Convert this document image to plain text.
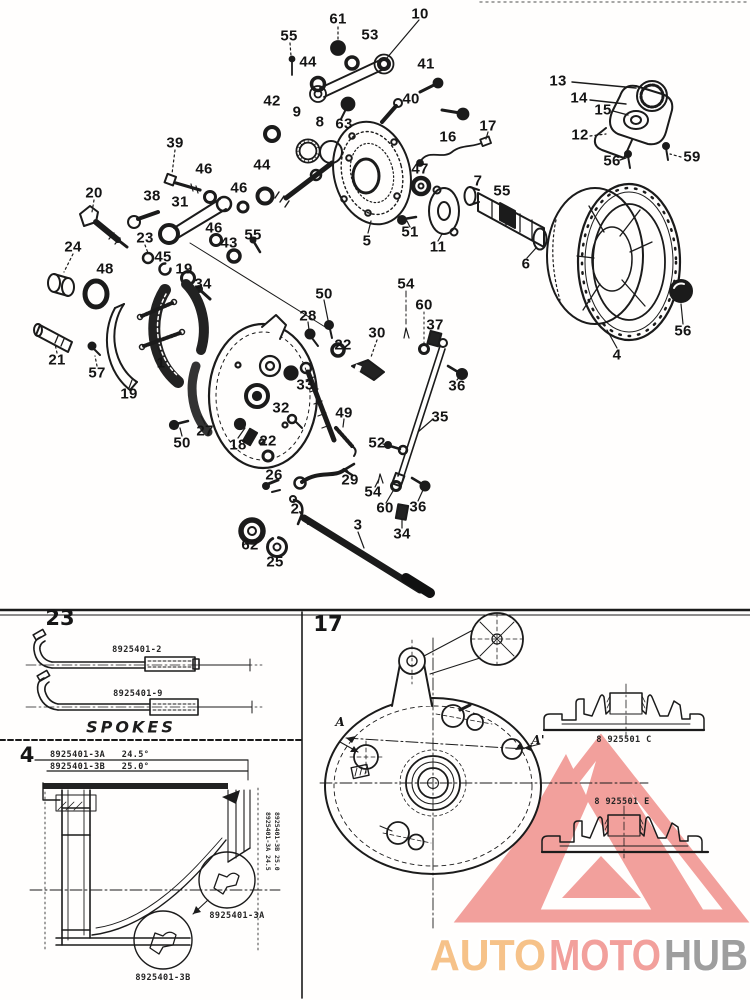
AUTO MOTO HUB
55
61
53
10
44	41
42
9
8 63
40
16
17
13
14
15
12
56	59
39
46
20	38 31
46
44
46
23	43 55
45
24
48	19
34
5
51
47
7
55
11
6
4
56
21
57
19
1
54
60
37
50
28
22
30
33
32	49
36
35
27
50	18 22
26
2
62
25
29
3
52
54
60 36
34
23
8925401-2
8925401-9
SPOKES
4 8925401-3A   24.5°
8925401-3B   25.0°
8925401-3A
8925401-3B
8925401-3A 24.5 8925401-3B 25.0
17
A
A'	8 925501 C
8 925501 E
